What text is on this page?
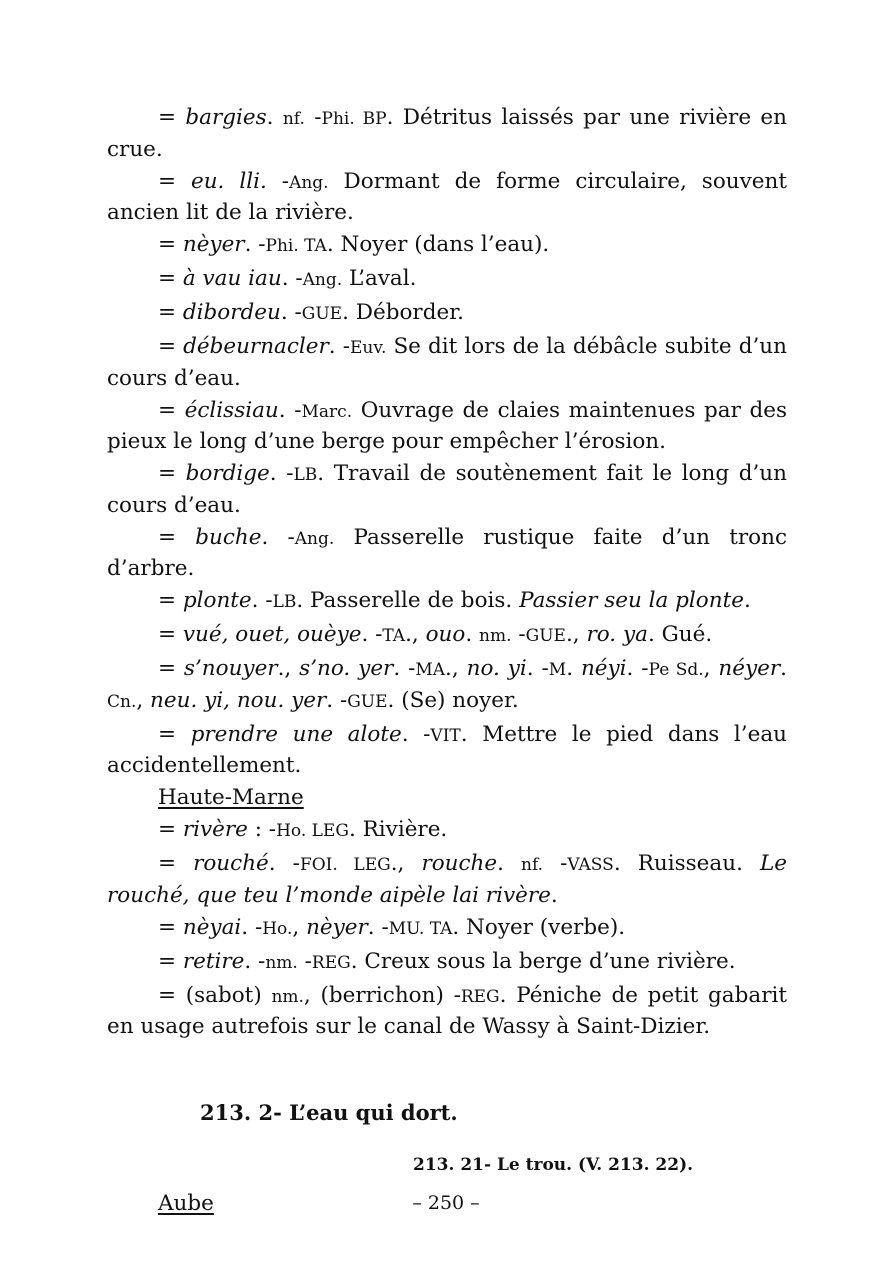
= bargies. nf. -Phi. BP. Détritus laissés par une rivière en crue.

= eu. lli. -Ang. Dormant de forme circulaire, souvent ancien lit de la rivière.

= nèyer. -Phi. TA. Noyer (dans l’eau).

= à vau iau. -Ang. L’aval.

= dibordeu. -GUE. Déborder.

= débeurnacler. -Euv. Se dit lors de la débâcle subite d’un cours d’eau.

= éclissiau. -Marc. Ouvrage de claies maintenues par des pieux le long d’une berge pour empêcher l’érosion.

= bordige. -LB. Travail de soutènement fait le long d’un cours d’eau.

= buche. -Ang. Passerelle rustique faite d’un tronc d’arbre.

= plonte. -LB. Passerelle de bois. Passier seu la plonte.

= vué, ouet, ouèye. -TA., ouo. nm. -GUE., ro. ya. Gué.

= s’nouyer., s’no. yer. -MA., no. yi. -M. néyi. -Pe Sd., néyer. Cn., neu. yi, nou. yer. -GUE. (Se) noyer.

= prendre une alote. -VIT. Mettre le pied dans l’eau accidentellement.

Haute-Marne

= rivère : -Ho. LEG. Rivière.

= rouché. -FOI. LEG., rouche. nf. -VASS. Ruisseau. Le rouché, que teu l’monde aipèle lai rivère.

= nèyai. -Ho., nèyer. -MU. TA. Noyer (verbe).

= retire. -nm. -REG. Creux sous la berge d’une rivière.

= (sabot) nm., (berrichon) -REG. Péniche de petit gabarit en usage autrefois sur le canal de Wassy à Saint-Dizier.

213. 2- L’eau qui dort.
213. 21- Le trou. (V. 213. 22).
Aube	– 250 –
